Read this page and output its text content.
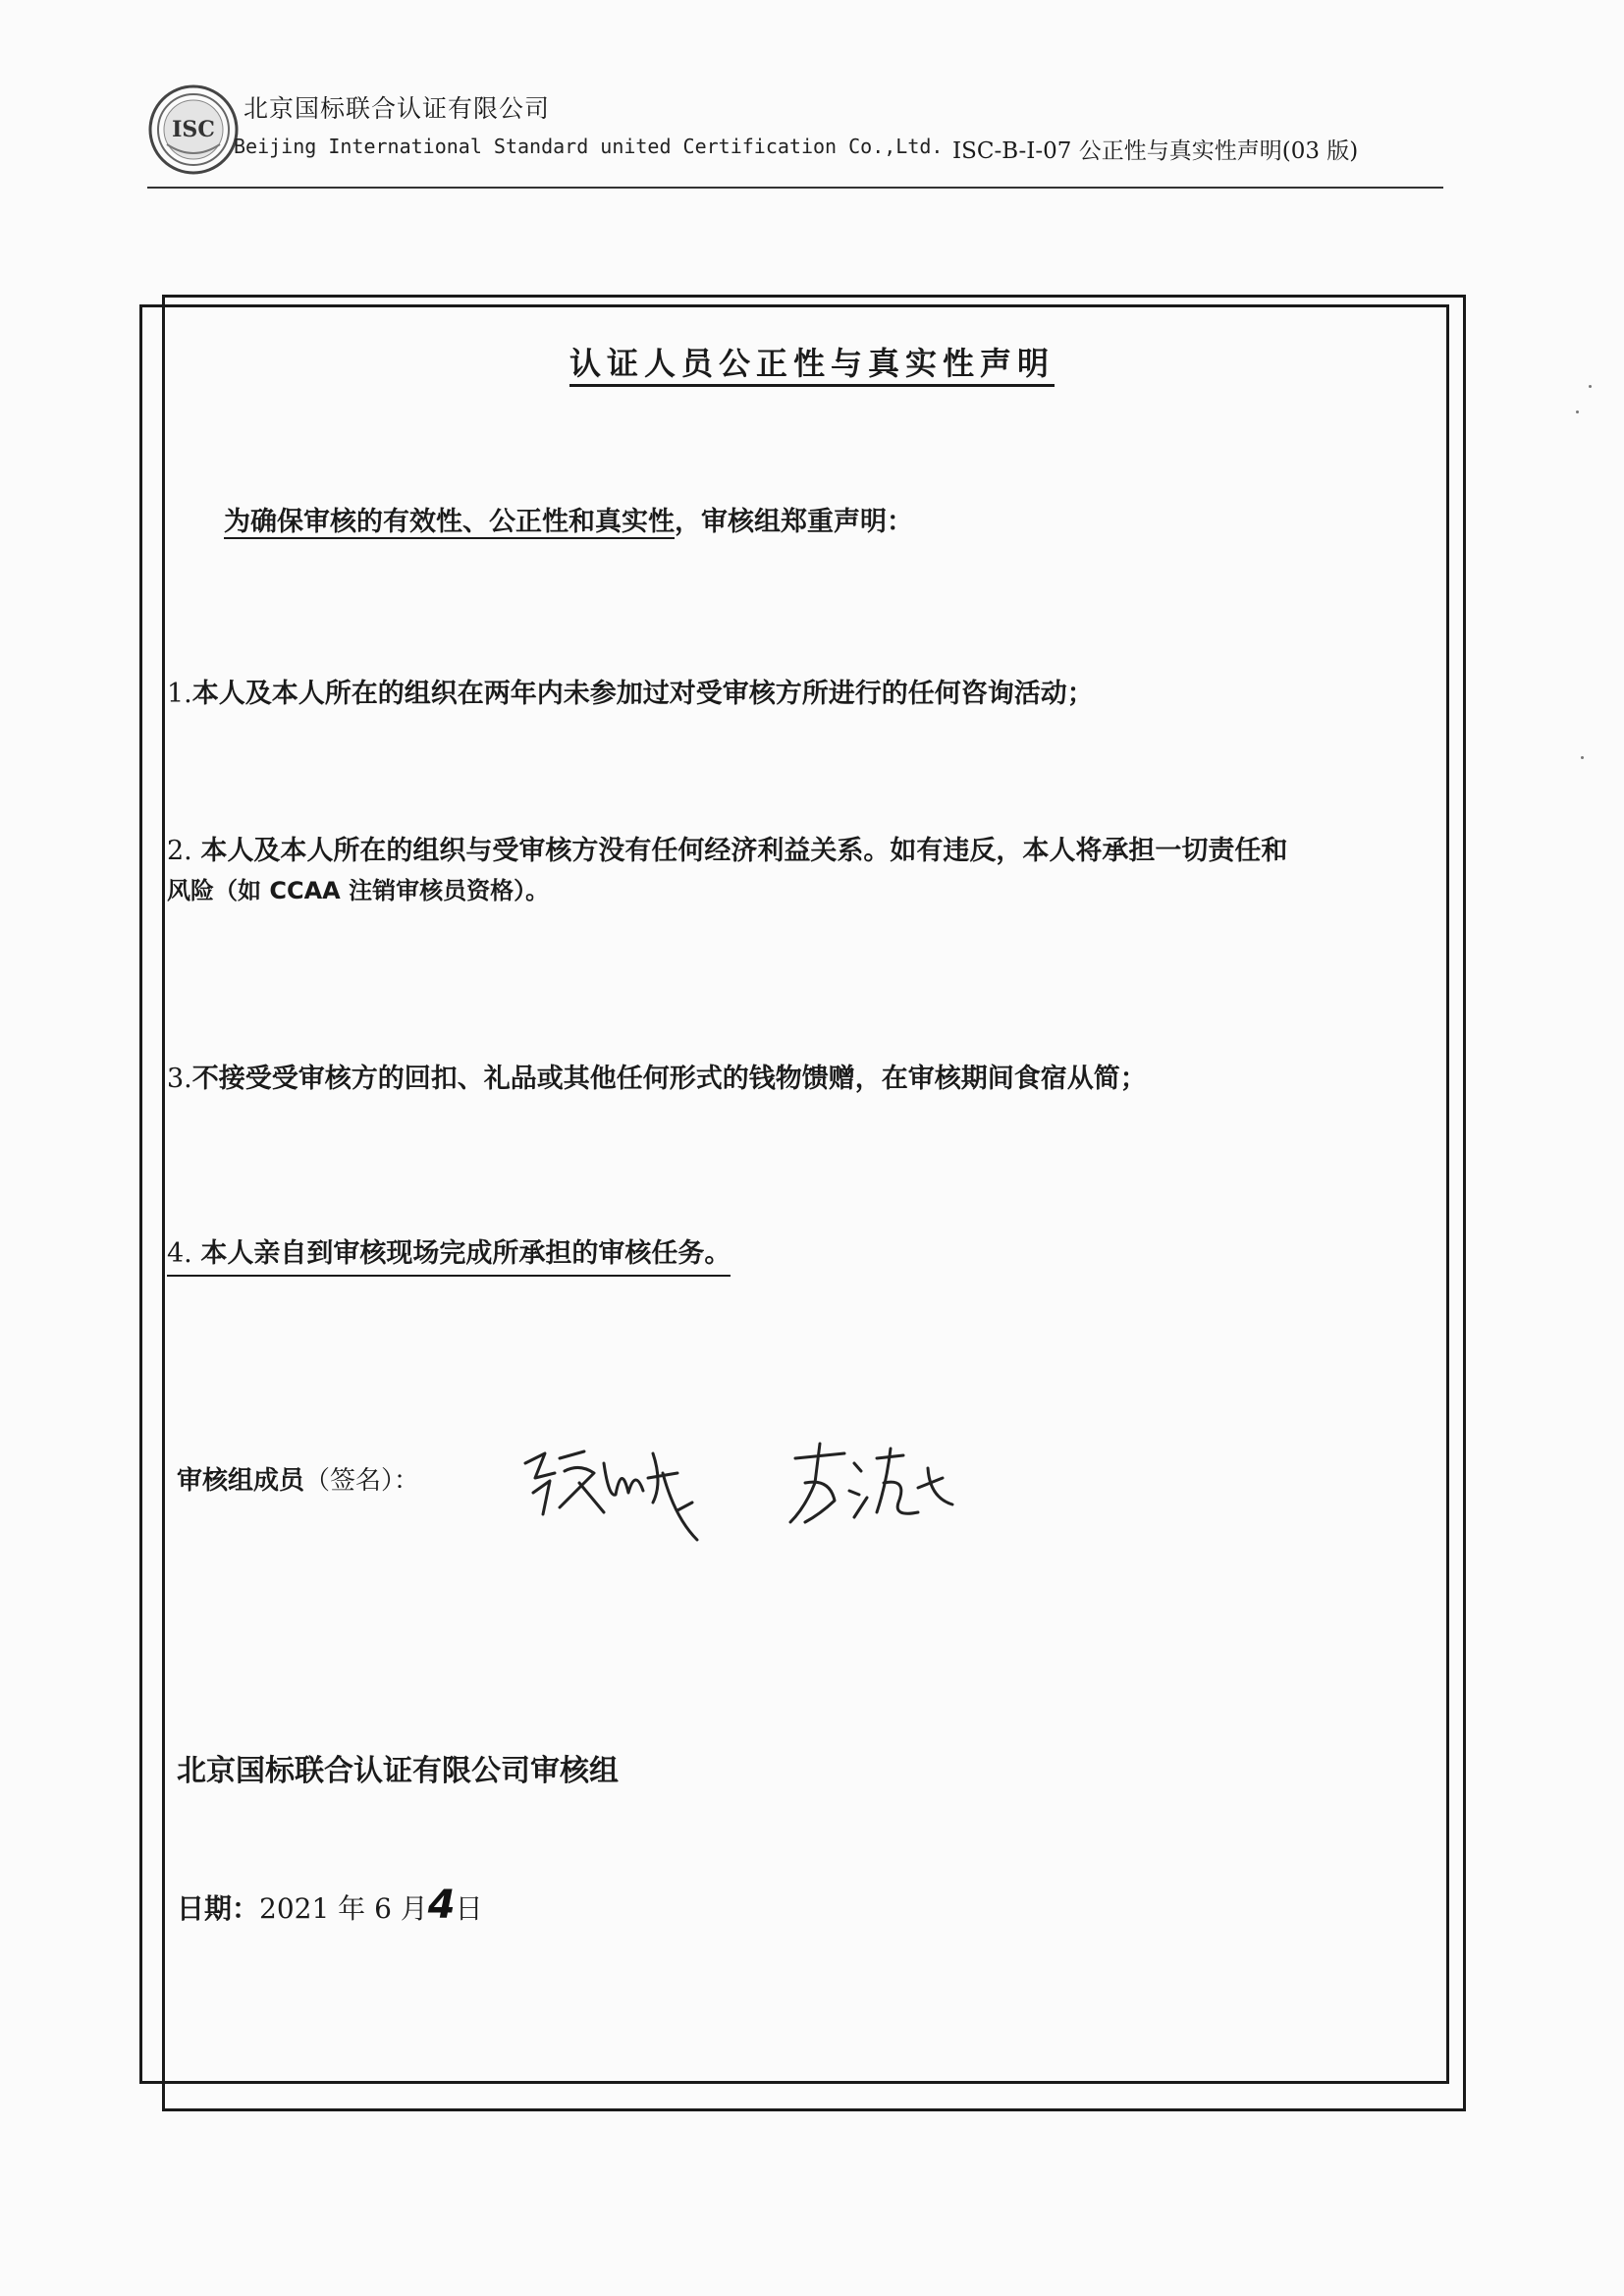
ISC
北京国标联合认证有限公司
Beijing International Standard united Certification Co.,Ltd. ISC-B-I-07 公正性与真实性声明(03 版)
认证人员公正性与真实性声明
为确保审核的有效性、公正性和真实性，审核组郑重声明：
1.本人及本人所在的组织在两年内未参加过对受审核方所进行的任何咨询活动；
2. 本人及本人所在的组织与受审核方没有任何经济利益关系。如有违反，本人将承担一切责任和
风险（如 CCAA 注销审核员资格）。
3.不接受受审核方的回扣、礼品或其他任何形式的钱物馈赠，在审核期间食宿从简；
4. 本人亲自到审核现场完成所承担的审核任务。
审核组成员（签名）：
北京国标联合认证有限公司审核组
日期：2021 年 6 月4日
